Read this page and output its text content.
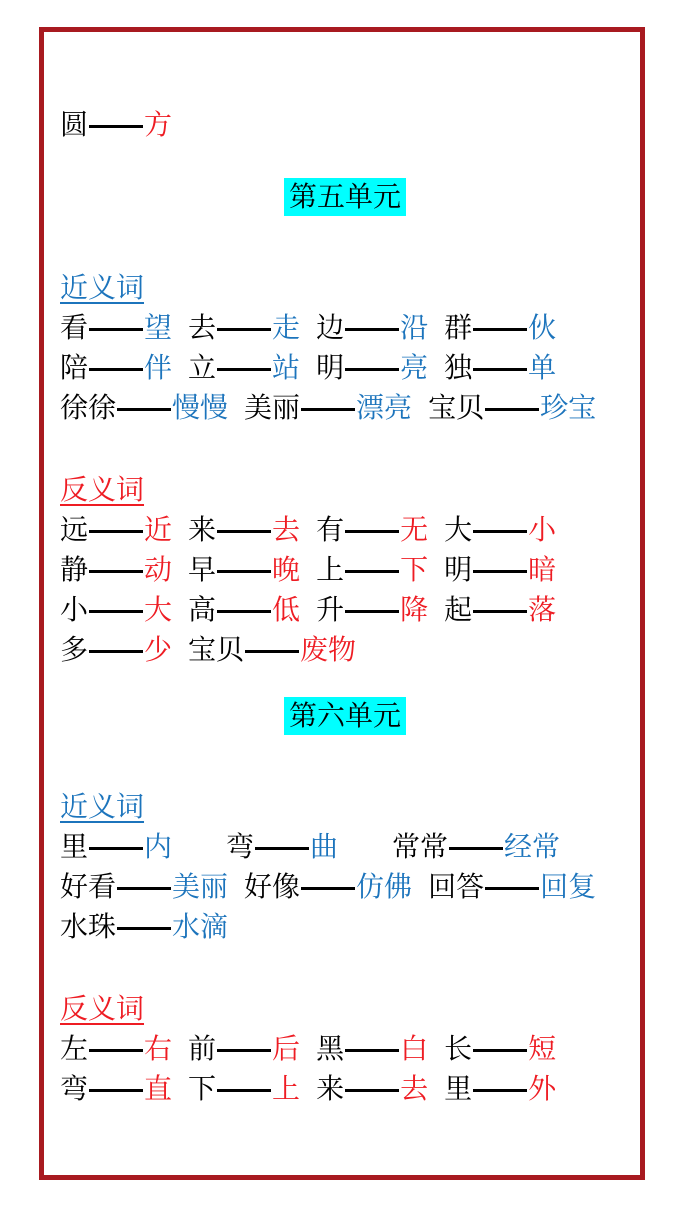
圆 方
第五单元
近义词
看 望 去 走 边 沿 群 伙
陪 伴 立 站 明 亮 独 单
徐徐 慢慢 美丽 漂亮 宝贝 珍宝
反义词
远 近 来 去 有 无 大 小
静 动 早 晚 上 下 明 暗
小 大 高 低 升 降 起 落
多 少 宝贝 废物
第六单元
近义词
里 内 弯 曲 常常 经常
好看 美丽 好像 仿佛 回答 回复
水珠 水滴
反义词
左 右 前 后 黑 白 长 短
弯 直 下 上 来 去 里 外
